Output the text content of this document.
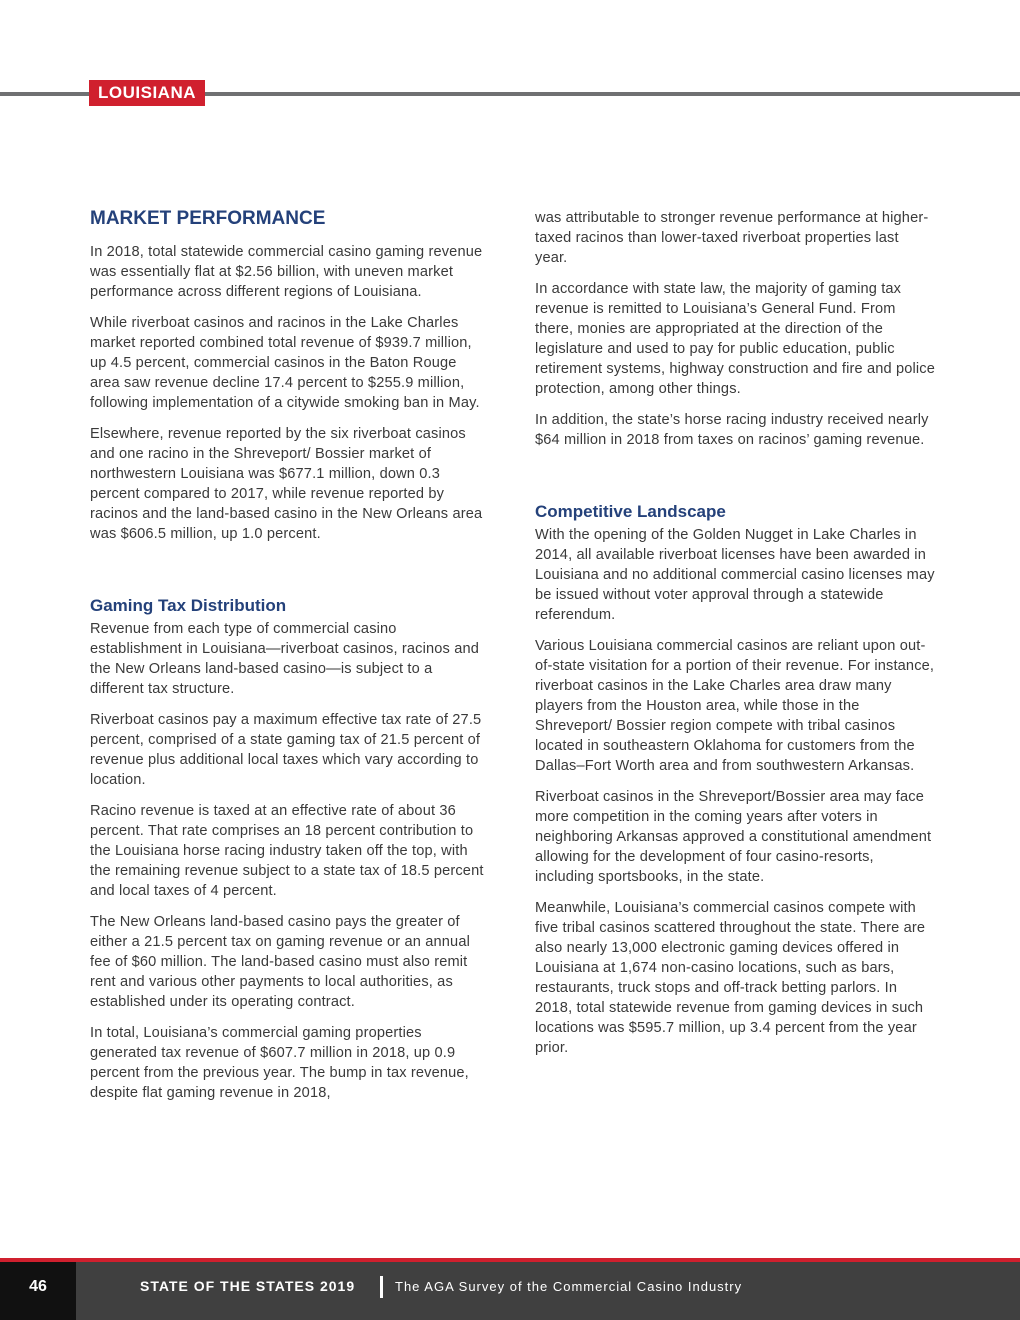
LOUISIANA
MARKET PERFORMANCE

In 2018, total statewide commercial casino gaming revenue was essentially flat at $2.56 billion, with uneven market performance across different regions of Louisiana.

While riverboat casinos and racinos in the Lake Charles market reported combined total revenue of $939.7 million, up 4.5 percent, commercial casinos in the Baton Rouge area saw revenue decline 17.4 percent to $255.9 million, following implementation of a citywide smoking ban in May.

Elsewhere, revenue reported by the six riverboat casinos and one racino in the Shreveport/ Bossier market of northwestern Louisiana was $677.1 million, down 0.3 percent compared to 2017, while revenue reported by racinos and the land-based casino in the New Orleans area was $606.5 million, up 1.0 percent.

Gaming Tax Distribution

Revenue from each type of commercial casino establishment in Louisiana—riverboat casinos, racinos and the New Orleans land-based casino—is subject to a different tax structure.

Riverboat casinos pay a maximum effective tax rate of 27.5 percent, comprised of a state gaming tax of 21.5 percent of revenue plus additional local taxes which vary according to location.

Racino revenue is taxed at an effective rate of about 36 percent. That rate comprises an 18 percent contribution to the Louisiana horse racing industry taken off the top, with the remaining revenue subject to a state tax of 18.5 percent and local taxes of 4 percent.

The New Orleans land-based casino pays the greater of either a 21.5 percent tax on gaming revenue or an annual fee of $60 million. The land-based casino must also remit rent and various other payments to local authorities, as established under its operating contract.

In total, Louisiana’s commercial gaming properties generated tax revenue of $607.7 million in 2018, up 0.9 percent from the previous year. The bump in tax revenue, despite flat gaming revenue in 2018,

was attributable to stronger revenue performance at higher-taxed racinos than lower-taxed riverboat properties last year.

In accordance with state law, the majority of gaming tax revenue is remitted to Louisiana’s General Fund. From there, monies are appropriated at the direction of the legislature and used to pay for public education, public retirement systems, highway construction and fire and police protection, among other things.

In addition, the state’s horse racing industry received nearly $64 million in 2018 from taxes on racinos’ gaming revenue.

Competitive Landscape

With the opening of the Golden Nugget in Lake Charles in 2014, all available riverboat licenses have been awarded in Louisiana and no additional commercial casino licenses may be issued without voter approval through a statewide referendum.

Various Louisiana commercial casinos are reliant upon out-of-state visitation for a portion of their revenue. For instance, riverboat casinos in the Lake Charles area draw many players from the Houston area, while those in the Shreveport/ Bossier region compete with tribal casinos located in southeastern Oklahoma for customers from the Dallas–Fort Worth area and from southwestern Arkansas.

Riverboat casinos in the Shreveport/Bossier area may face more competition in the coming years after voters in neighboring Arkansas approved a constitutional amendment allowing for the development of four casino-resorts, including sportsbooks, in the state.

Meanwhile, Louisiana’s commercial casinos compete with five tribal casinos scattered throughout the state. There are also nearly 13,000 electronic gaming devices offered in Louisiana at 1,674 non-casino locations, such as bars, restaurants, truck stops and off-track betting parlors. In 2018, total statewide revenue from gaming devices in such locations was $595.7 million, up 3.4 percent from the year prior.

46	STATE OF THE STATES 2019	The AGA Survey of the Commercial Casino Industry
